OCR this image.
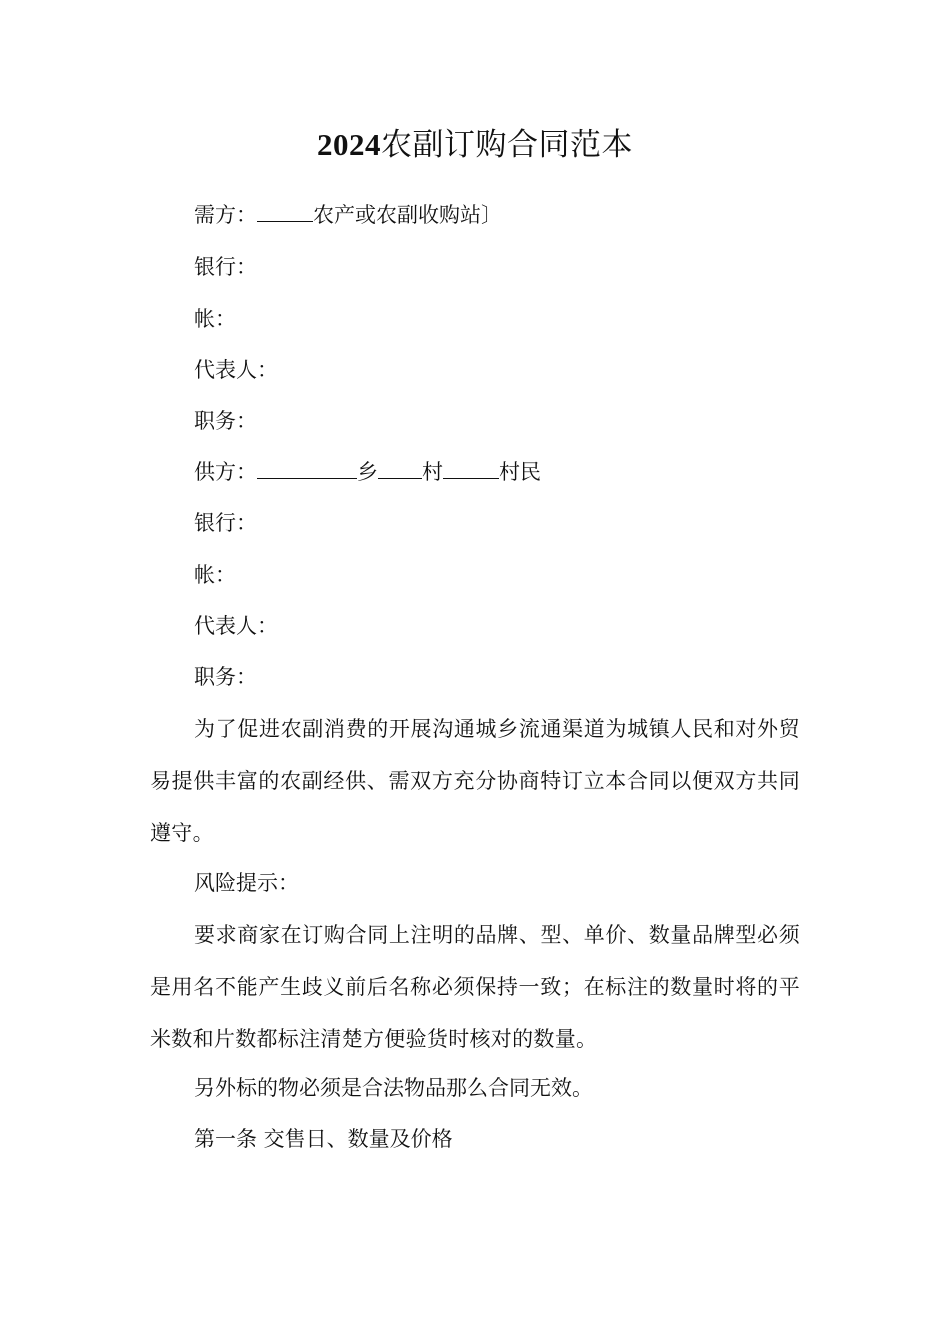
2024农副订购合同范本
需方：	农产或农副收购站〕
银行：
帐：
代表人：
职务：
供方：	乡 村	村民
银行：
帐：
代表人：
职务：
为了促进农副消费的开展沟通城乡流通渠道为城镇人民和对外贸易提供丰富的农副经供、需双方充分协商特订立本合同以便双方共同遵守。
风险提示：
要求商家在订购合同上注明的品牌、型、单价、数量品牌型必须是用名不能产生歧义前后名称必须保持一致；在标注的数量时将的平米数和片数都标注清楚方便验货时核对的数量。
另外标的物必须是合法物品那么合同无效。
第一条 交售日、数量及价格
